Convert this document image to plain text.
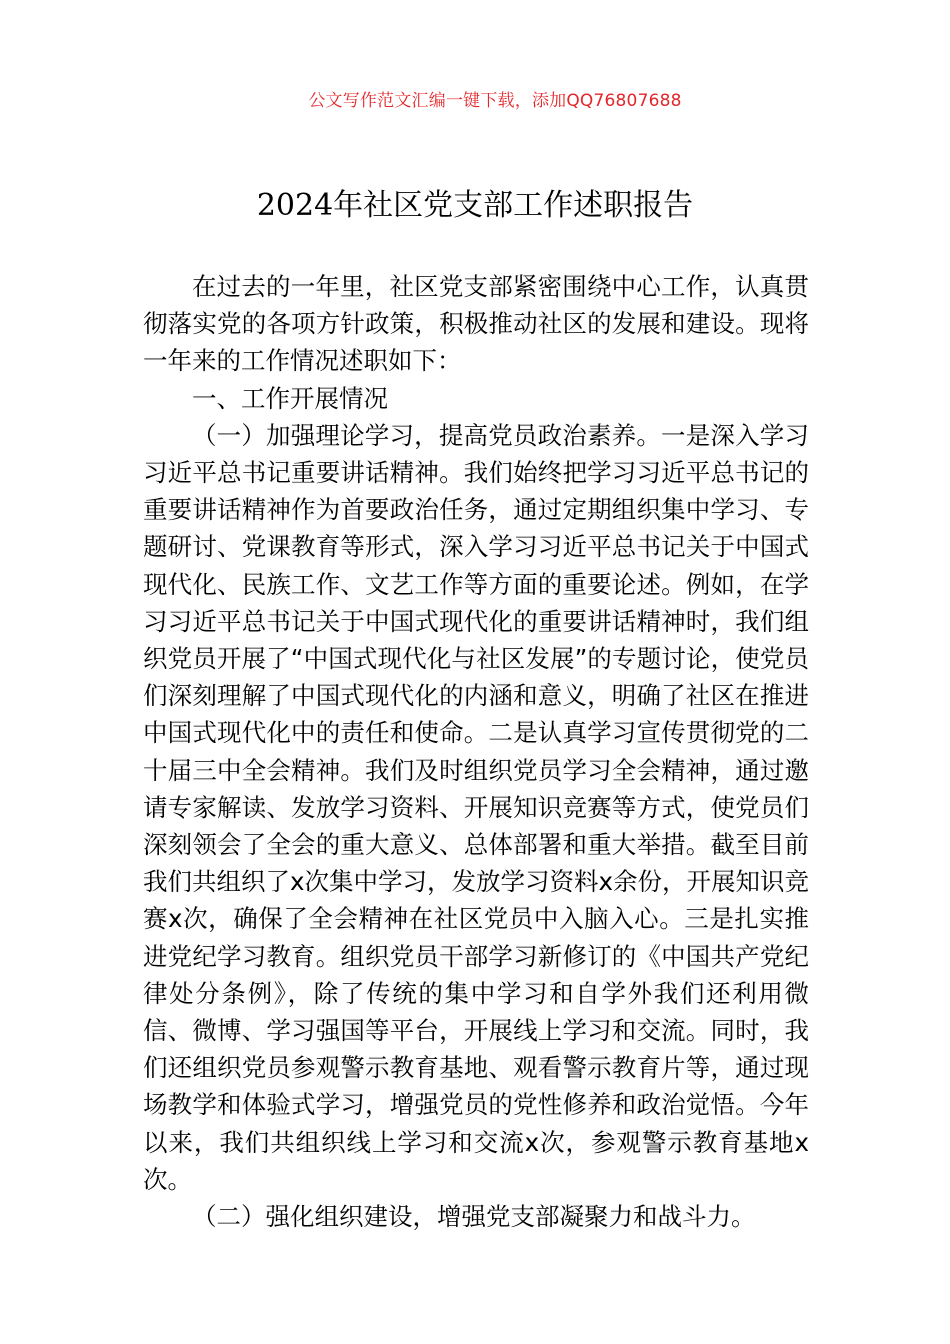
公文写作范文汇编一键下载，添加QQ76807688
2024年社区党支部工作述职报告

在过去的一年里，社区党支部紧密围绕中心工作，认真贯彻落实党的各项方针政策，积极推动社区的发展和建设。现将一年来的工作情况述职如下：

一、工作开展情况

（一）加强理论学习，提高党员政治素养。一是深入学习习近平总书记重要讲话精神。我们始终把学习习近平总书记的重要讲话精神作为首要政治任务，通过定期组织集中学习、专题研讨、党课教育等形式，深入学习习近平总书记关于中国式现代化、民族工作、文艺工作等方面的重要论述。例如，在学习习近平总书记关于中国式现代化的重要讲话精神时，我们组织党员开展了“中国式现代化与社区发展”的专题讨论，使党员们深刻理解了中国式现代化的内涵和意义，明确了社区在推进中国式现代化中的责任和使命。二是认真学习宣传贯彻党的二十届三中全会精神。我们及时组织党员学习全会精神，通过邀请专家解读、发放学习资料、开展知识竞赛等方式，使党员们深刻领会了全会的重大意义、总体部署和重大举措。截至目前我们共组织了x次集中学习，发放学习资料x余份，开展知识竞赛x次，确保了全会精神在社区党员中入脑入心。三是扎实推进党纪学习教育。组织党员干部学习新修订的《中国共产党纪律处分条例》，除了传统的集中学习和自学外我们还利用微信、微博、学习强国等平台，开展线上学习和交流。同时，我们还组织党员参观警示教育基地、观看警示教育片等，通过现场教学和体验式学习，增强党员的党性修养和政治觉悟。今年以来，我们共组织线上学习和交流x次，参观警示教育基地x次。

（二）强化组织建设，增强党支部凝聚力和战斗力。
